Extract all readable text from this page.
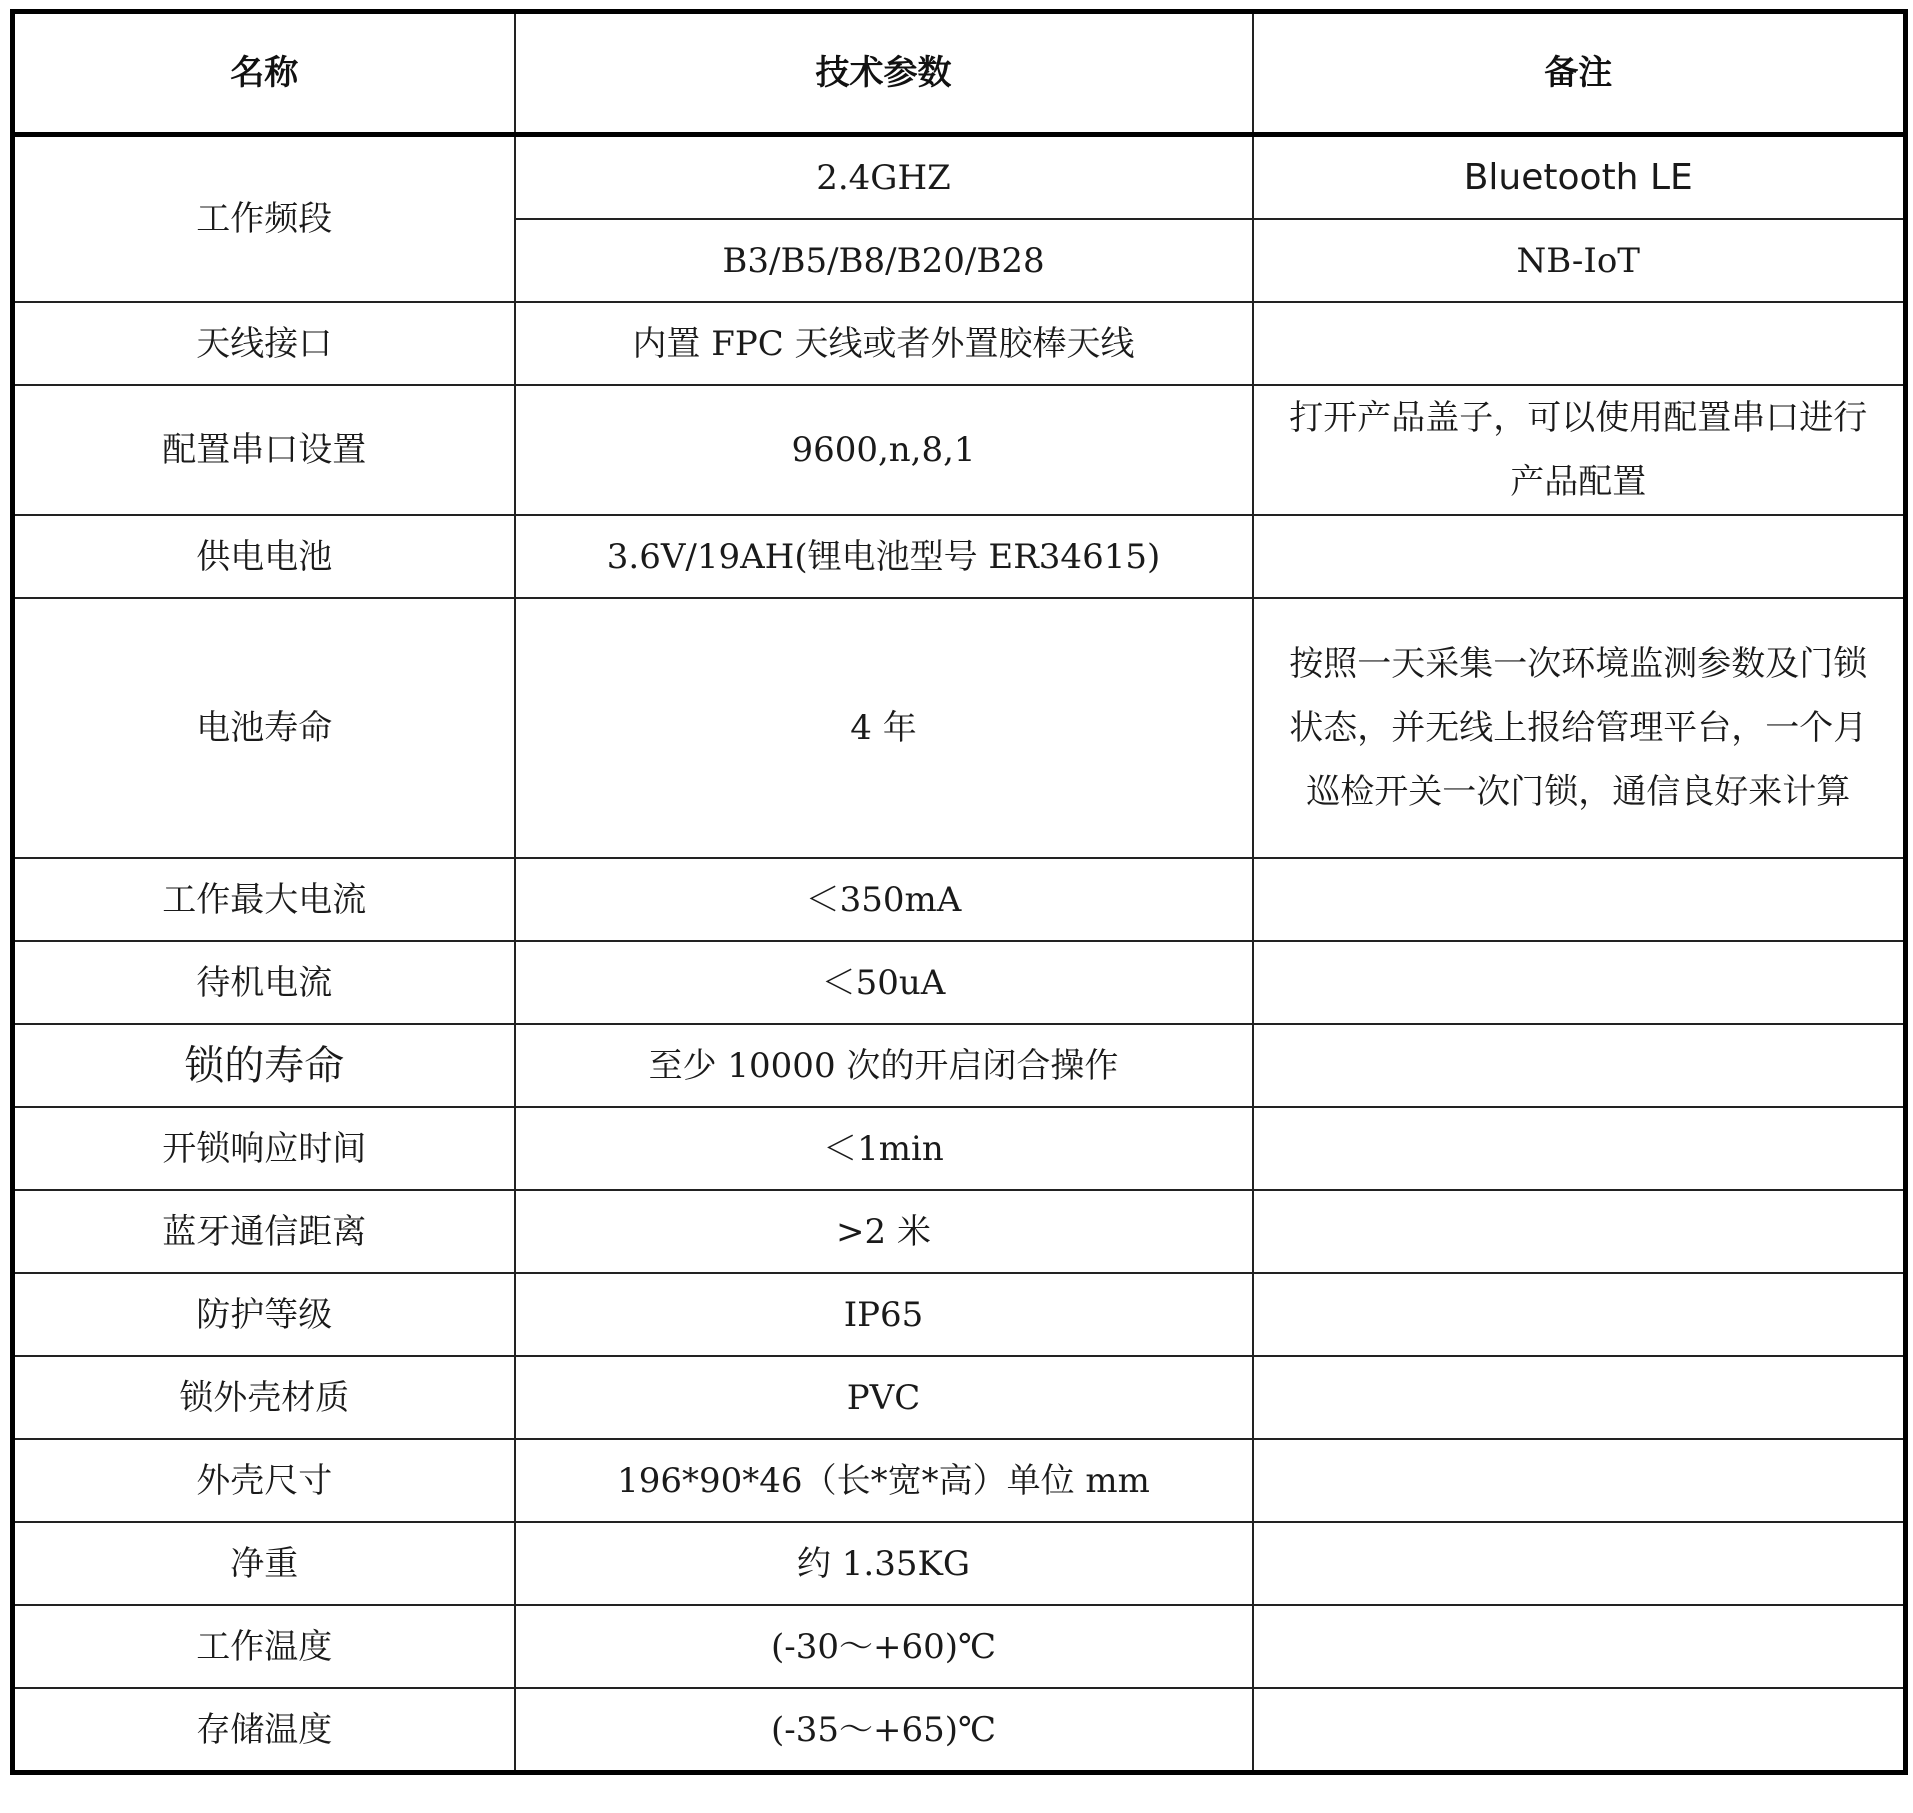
名称	技术参数	备注
工作频段	2.4GHZ	Bluetooth LE
	B3/B5/B8/B20/B28	NB-IoT
天线接口	内置 FPC 天线或者外置胶棒天线	
配置串口设置	9600,n,8,1	打开产品盖子，可以使用配置串口进行产品配置
供电电池	3.6V/19AH(锂电池型号 ER34615)	
电池寿命	4 年	按照一天采集一次环境监测参数及门锁状态，并无线上报给管理平台，一个月巡检开关一次门锁，通信良好来计算
工作最大电流	＜350mA	
待机电流	＜50uA	
锁的寿命	至少 10000 次的开启闭合操作	
开锁响应时间	＜1min	
蓝牙通信距离	>2 米	
防护等级	IP65	
锁外壳材质	PVC	
外壳尺寸	196*90*46（长*宽*高）单位 mm	
净重	约 1.35KG	
工作温度	(-30～+60)℃	
存储温度	(-35～+65)℃	
